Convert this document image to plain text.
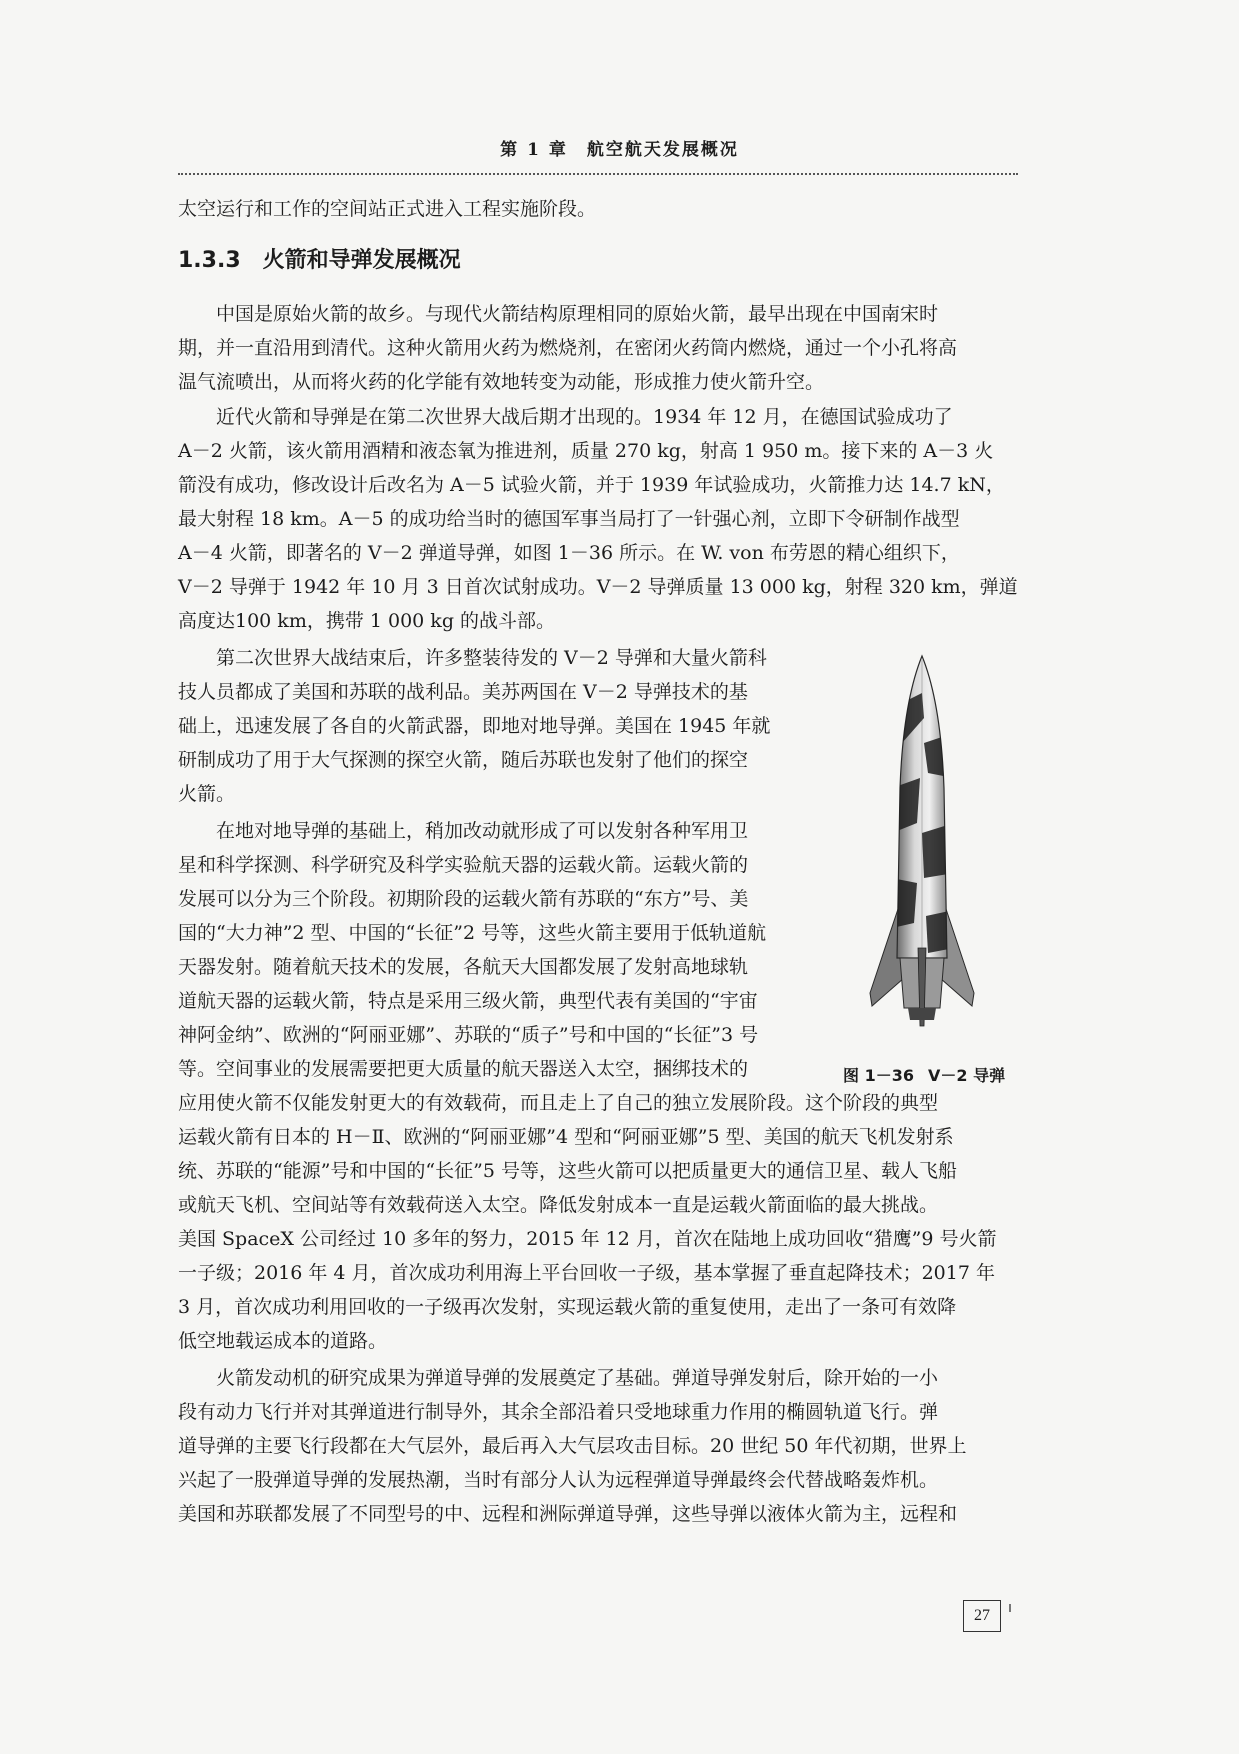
第 1 章　航空航天发展概况

太空运行和工作的空间站正式进入工程实施阶段。

1.3.3 火箭和导弹发展概况

中国是原始火箭的故乡。与现代火箭结构原理相同的原始火箭，最早出现在中国南宋时
期，并一直沿用到清代。这种火箭用火药为燃烧剂，在密闭火药筒内燃烧，通过一个小孔将高
温气流喷出，从而将火药的化学能有效地转变为动能，形成推力使火箭升空。

近代火箭和导弹是在第二次世界大战后期才出现的。1934 年 12 月，在德国试验成功了
A－2 火箭，该火箭用酒精和液态氧为推进剂，质量 270 kg，射高 1 950 m。接下来的 A－3 火
箭没有成功，修改设计后改名为 A－5 试验火箭，并于 1939 年试验成功，火箭推力达 14.7 kN，
最大射程 18 km。A－5 的成功给当时的德国军事当局打了一针强心剂，立即下令研制作战型
A－4 火箭，即著名的 V－2 弹道导弹，如图 1－36 所示。在 W. von 布劳恩的精心组织下，
V－2 导弹于 1942 年 10 月 3 日首次试射成功。V－2 导弹质量 13 000 kg，射程 320 km，弹道
高度达100 km，携带 1 000 kg 的战斗部。

第二次世界大战结束后，许多整装待发的 V－2 导弹和大量火箭科
技人员都成了美国和苏联的战利品。美苏两国在 V－2 导弹技术的基
础上，迅速发展了各自的火箭武器，即地对地导弹。美国在 1945 年就
研制成功了用于大气探测的探空火箭，随后苏联也发射了他们的探空
火箭。

在地对地导弹的基础上，稍加改动就形成了可以发射各种军用卫
星和科学探测、科学研究及科学实验航天器的运载火箭。运载火箭的
发展可以分为三个阶段。初期阶段的运载火箭有苏联的“东方”号、美
国的“大力神”2 型、中国的“长征”2 号等，这些火箭主要用于低轨道航
天器发射。随着航天技术的发展，各航天大国都发展了发射高地球轨
道航天器的运载火箭，特点是采用三级火箭，典型代表有美国的“宇宙
神阿金纳”、欧洲的“阿丽亚娜”、苏联的“质子”号和中国的“长征”3 号
等。空间事业的发展需要把更大质量的航天器送入太空，捆绑技术的

应用使火箭不仅能发射更大的有效载荷，而且走上了自己的独立发展阶段。这个阶段的典型
运载火箭有日本的 H－Ⅱ、欧洲的“阿丽亚娜”4 型和“阿丽亚娜”5 型、美国的航天飞机发射系
统、苏联的“能源”号和中国的“长征”5 号等，这些火箭可以把质量更大的通信卫星、载人飞船
或航天飞机、空间站等有效载荷送入太空。降低发射成本一直是运载火箭面临的最大挑战。
美国 SpaceX 公司经过 10 多年的努力，2015 年 12 月，首次在陆地上成功回收“猎鹰”9 号火箭
一子级；2016 年 4 月，首次成功利用海上平台回收一子级，基本掌握了垂直起降技术；2017 年
3 月，首次成功利用回收的一子级再次发射，实现运载火箭的重复使用，走出了一条可有效降
低空地载运成本的道路。

火箭发动机的研究成果为弹道导弹的发展奠定了基础。弹道导弹发射后，除开始的一小
段有动力飞行并对其弹道进行制导外，其余全部沿着只受地球重力作用的椭圆轨道飞行。弹
道导弹的主要飞行段都在大气层外，最后再入大气层攻击目标。20 世纪 50 年代初期，世界上
兴起了一股弹道导弹的发展热潮，当时有部分人认为远程弹道导弹最终会代替战略轰炸机。
美国和苏联都发展了不同型号的中、远程和洲际弹道导弹，这些导弹以液体火箭为主，远程和

图 1－36 V－2 导弹

27
